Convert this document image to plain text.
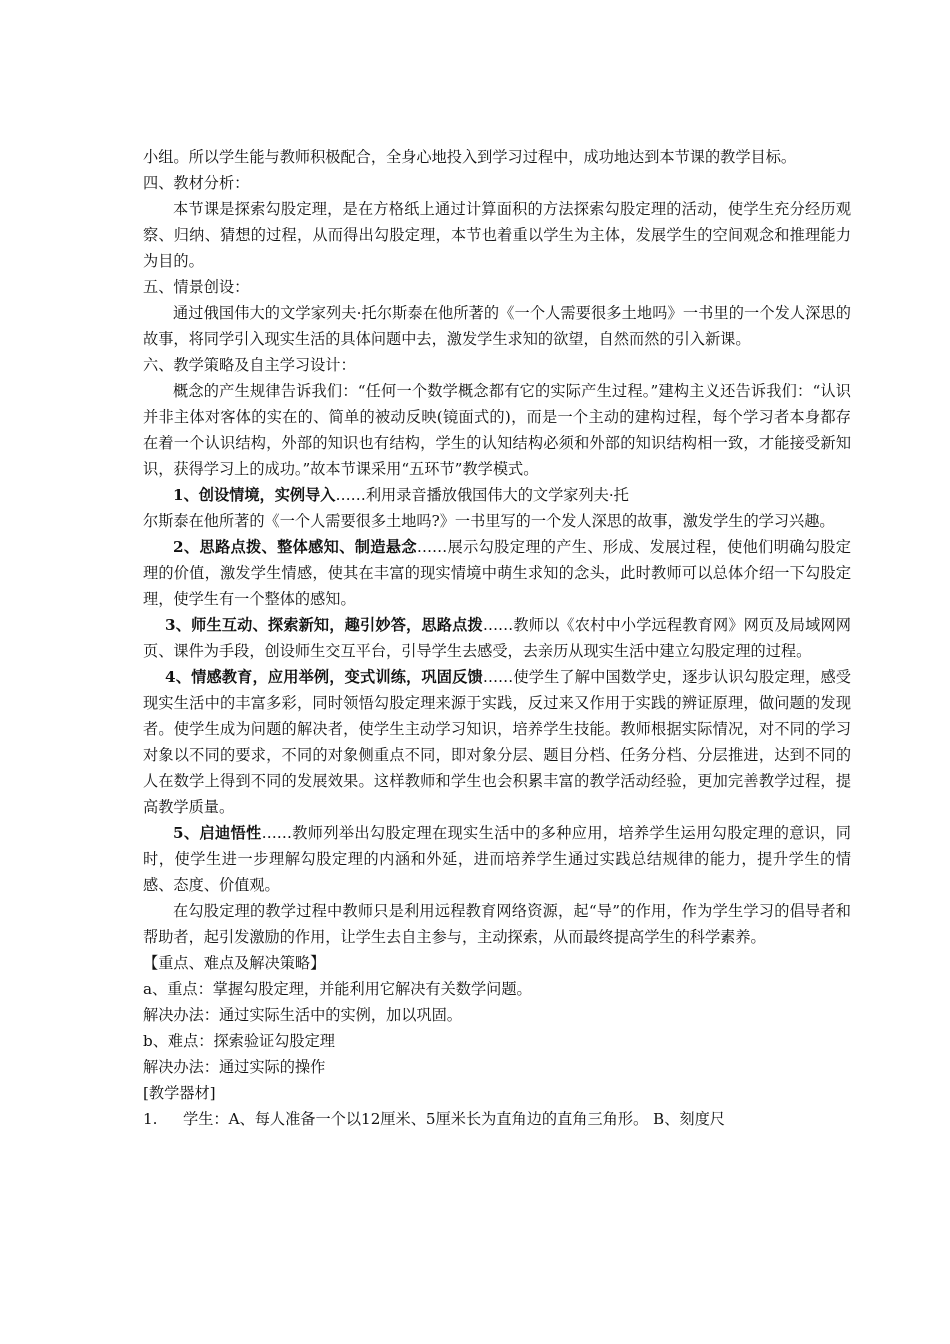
小组。所以学生能与教师积极配合，全身心地投入到学习过程中，成功地达到本节课的教学目标。

四、教材分析：

本节课是探索勾股定理，是在方格纸上通过计算面积的方法探索勾股定理的活动，使学生充分经历观察、归纳、猜想的过程，从而得出勾股定理，本节也着重以学生为主体，发展学生的空间观念和推理能力为目的。

五、情景创设：

通过俄国伟大的文学家列夫·托尔斯泰在他所著的《一个人需要很多土地吗》一书里的一个发人深思的故事，将同学引入现实生活的具体问题中去，激发学生求知的欲望，自然而然的引入新课。

六、教学策略及自主学习设计：

概念的产生规律告诉我们：“任何一个数学概念都有它的实际产生过程。”建构主义还告诉我们：“认识并非主体对客体的实在的、简单的被动反映(镜面式的)，而是一个主动的建构过程，每个学习者本身都存在着一个认识结构，外部的知识也有结构，学生的认知结构必须和外部的知识结构相一致，才能接受新知识，获得学习上的成功。”故本节课采用“五环节”教学模式。

1、创设情境，实例导入……利用录音播放俄国伟大的文学家列夫·托

尔斯泰在他所著的《一个人需要很多土地吗?》一书里写的一个发人深思的故事，激发学生的学习兴趣。

2、思路点拨、整体感知、制造悬念……展示勾股定理的产生、形成、发展过程，使他们明确勾股定理的价值，激发学生情感，使其在丰富的现实情境中萌生求知的念头，此时教师可以总体介绍一下勾股定理，使学生有一个整体的感知。

3、师生互动、探索新知，趣引妙答，思路点拨……教师以《农村中小学远程教育网》网页及局域网网页、课件为手段，创设师生交互平台，引导学生去感受，去亲历从现实生活中建立勾股定理的过程。

4、情感教育，应用举例，变式训练，巩固反馈……使学生了解中国数学史，逐步认识勾股定理，感受现实生活中的丰富多彩，同时领悟勾股定理来源于实践，反过来又作用于实践的辨证原理，做问题的发现者。使学生成为问题的解决者，使学生主动学习知识，培养学生技能。教师根据实际情况，对不同的学习对象以不同的要求，不同的对象侧重点不同，即对象分层、题目分档、任务分档、分层推进，达到不同的人在数学上得到不同的发展效果。这样教师和学生也会积累丰富的教学活动经验，更加完善教学过程，提高教学质量。

5、启迪悟性……教师列举出勾股定理在现实生活中的多种应用，培养学生运用勾股定理的意识，同时，使学生进一步理解勾股定理的内涵和外延，进而培养学生通过实践总结规律的能力，提升学生的情感、态度、价值观。

在勾股定理的教学过程中教师只是利用远程教育网络资源，起“导”的作用，作为学生学习的倡导者和帮助者，起引发激励的作用，让学生去自主参与，主动探索，从而最终提高学生的科学素养。

【重点、难点及解决策略】

a、重点：掌握勾股定理，并能利用它解决有关数学问题。

解决办法：通过实际生活中的实例，加以巩固。

b、难点：探索验证勾股定理

解决办法：通过实际的操作

[教学器材]

1. 学生：A、每人准备一个以12厘米、5厘米长为直角边的直角三角形。 B、刻度尺
